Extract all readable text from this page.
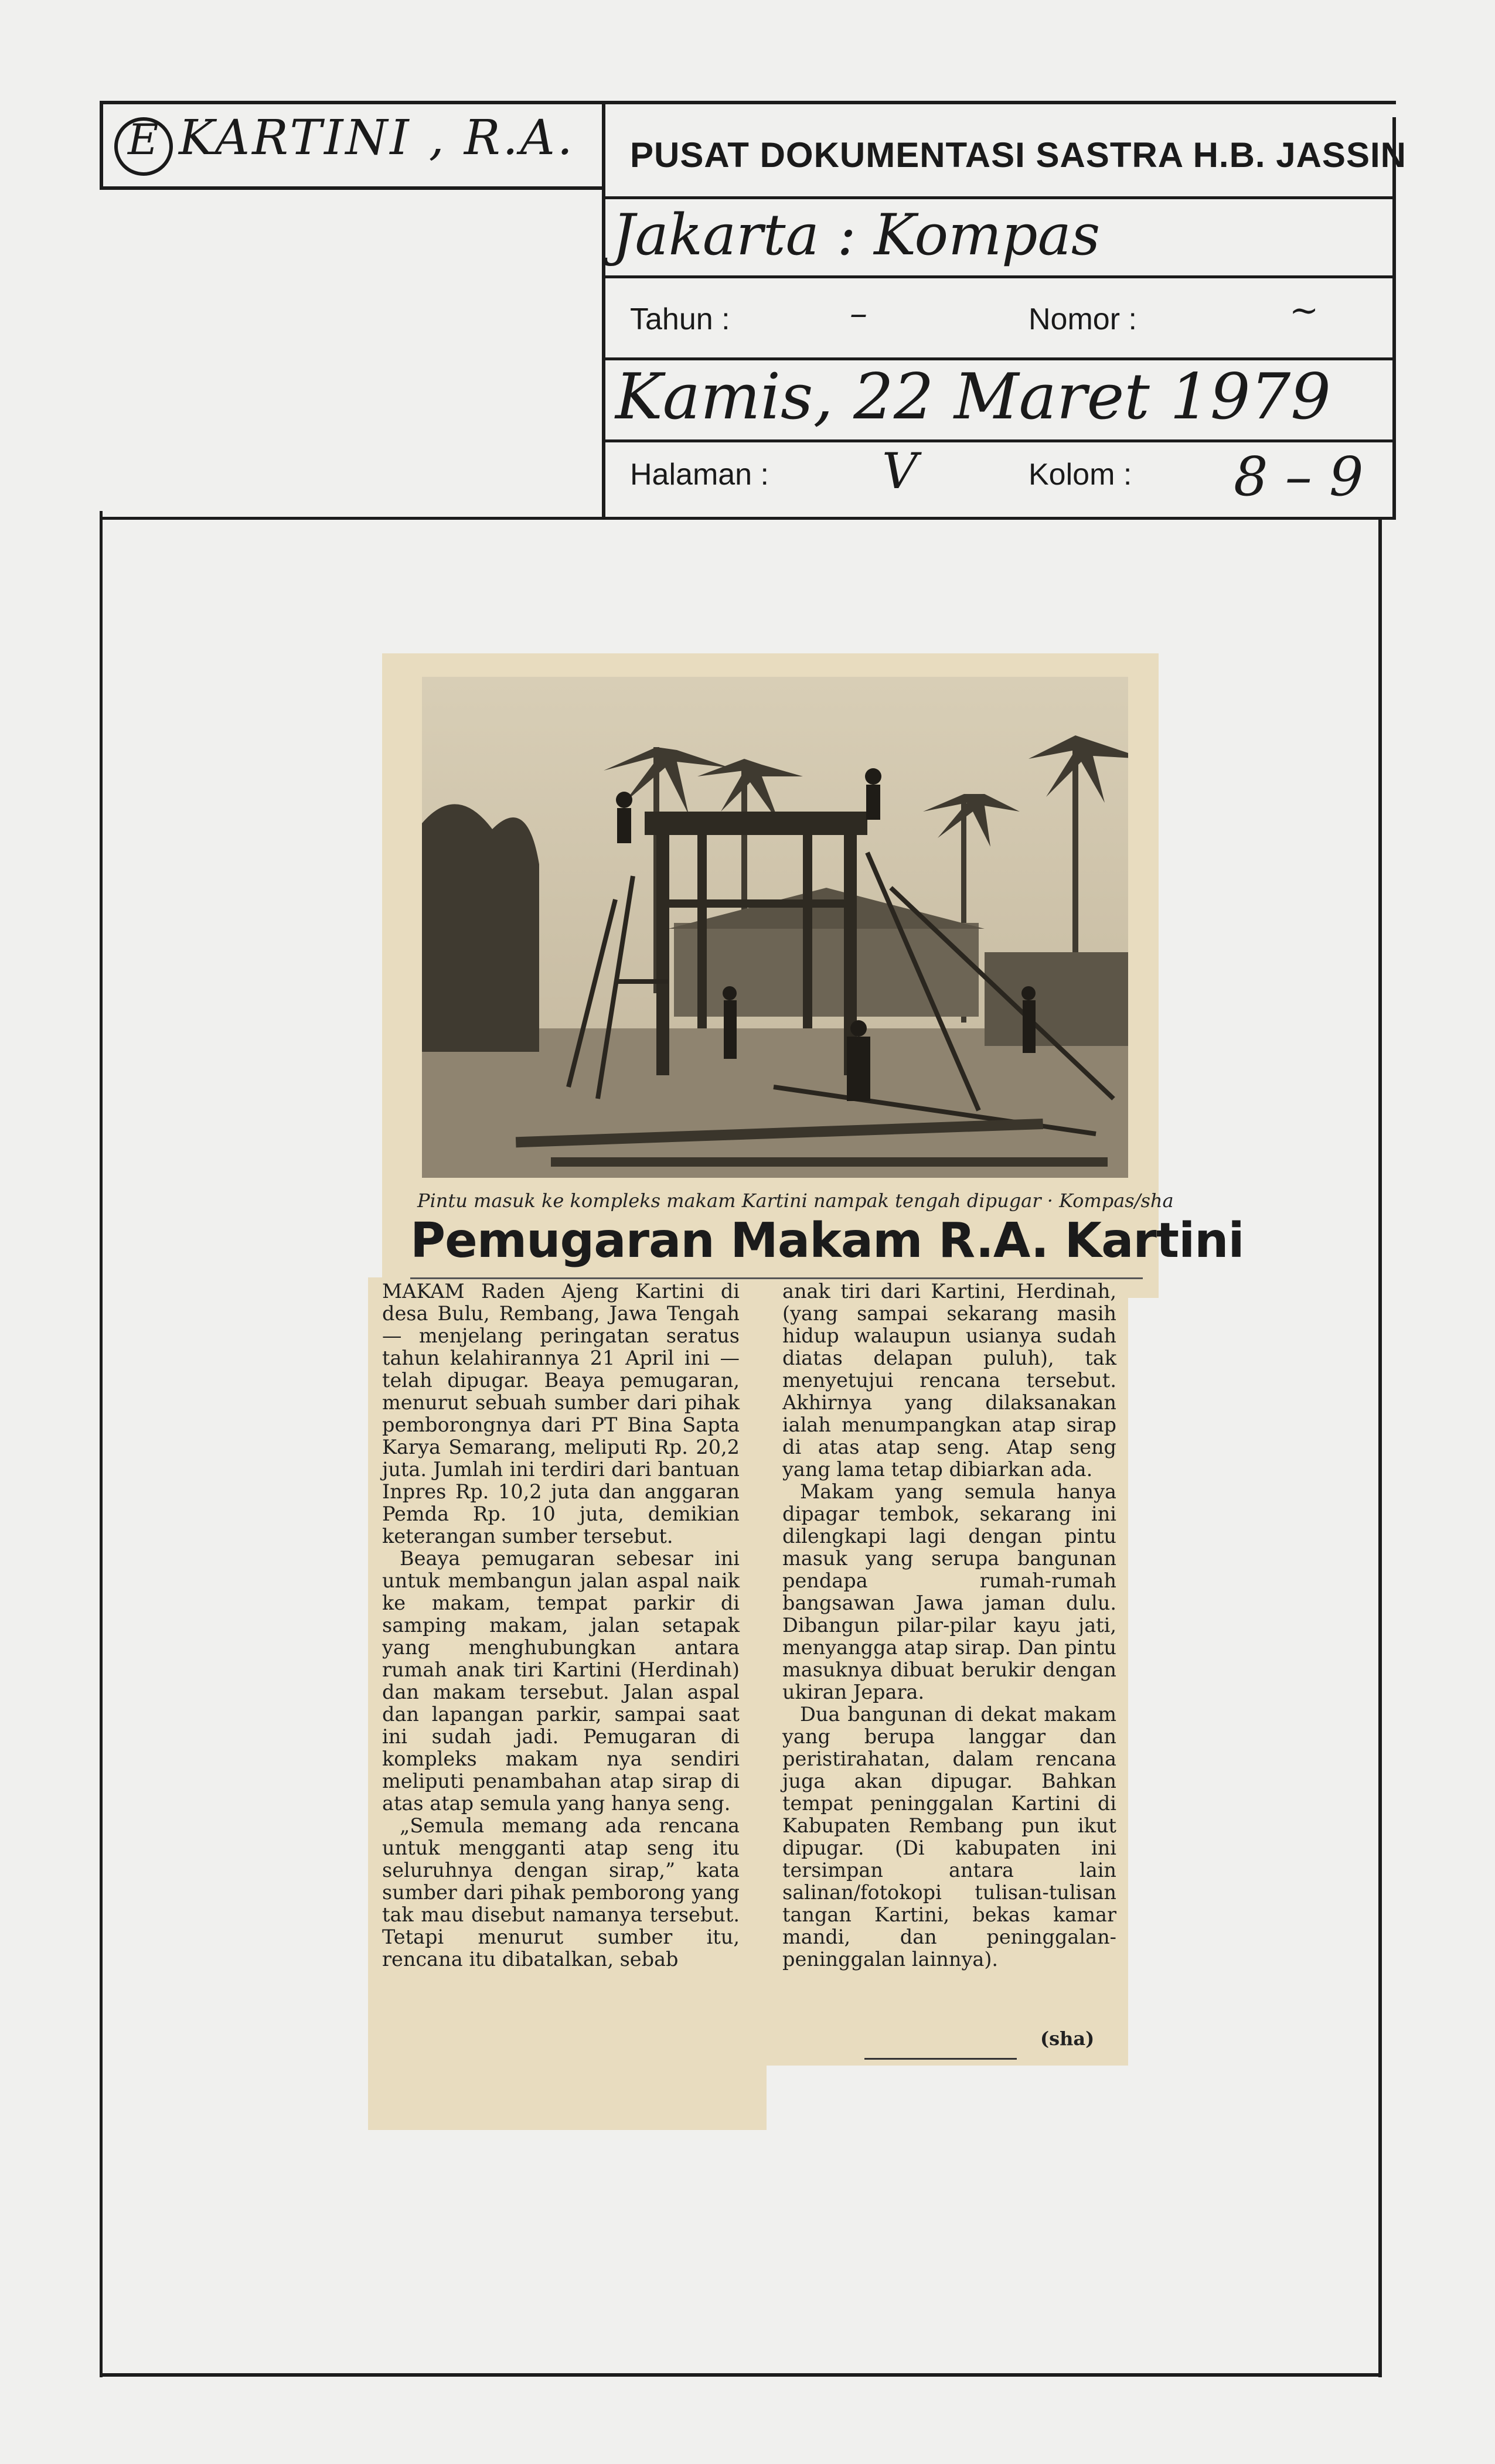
E KARTINI , R.A. PUSAT DOKUMENTASI SASTRA H.B. JASSIN
Jakarta : Kompas
Tahun :	–	Nomor :	~
Kamis, 22 Maret 1979
Halaman : V	Kolom : 8 – 9
Pintu masuk ke kompleks makam Kartini nampak tengah dipugar · Kompas/sha
Pemugaran Makam R.A. Kartini

MAKAM Raden Ajeng Kartini di desa Bulu, Rembang, Jawa Tengah — menjelang peringatan seratus tahun kelahirannya 21 April ini — telah dipugar. Beaya pemugaran, menurut sebuah sumber dari pihak pemborongnya dari PT Bina Sapta Karya Semarang, meliputi Rp. 20,2 juta. Jumlah ini terdiri dari bantuan Inpres Rp. 10,2 juta dan anggaran Pemda Rp. 10 juta, demikian keterangan sumber tersebut.

Beaya pemugaran sebesar ini untuk membangun jalan aspal naik ke makam, tempat parkir di samping makam, jalan setapak yang menghubungkan antara rumah anak tiri Kartini (Herdinah) dan makam tersebut. Jalan aspal dan lapangan parkir, sampai saat ini sudah jadi. Pemugaran di kompleks makam nya sendiri meliputi penambahan atap sirap di atas atap semula yang hanya seng.

„Semula memang ada rencana untuk mengganti atap seng itu seluruhnya dengan sirap,” kata sumber dari pihak pemborong yang tak mau disebut namanya tersebut. Tetapi menurut sumber itu, rencana itu dibatalkan, sebab

anak tiri dari Kartini, Herdinah, (yang sampai sekarang masih hidup walaupun usianya sudah diatas delapan puluh), tak menyetujui rencana tersebut. Akhirnya yang dilaksanakan ialah menumpangkan atap sirap di atas atap seng. Atap seng yang lama tetap dibiarkan ada.

Makam yang semula hanya dipagar tembok, sekarang ini dilengkapi lagi dengan pintu masuk yang serupa bangunan pendapa rumah-rumah bangsawan Jawa jaman dulu. Dibangun pilar-pilar kayu jati, menyangga atap sirap. Dan pintu masuknya dibuat berukir dengan ukiran Jepara.

Dua bangunan di dekat makam yang berupa langgar dan peristirahatan, dalam rencana juga akan dipugar. Bahkan tempat peninggalan Kartini di Kabupaten Rembang pun ikut dipugar. (Di kabupaten ini tersimpan antara lain salinan/fotokopi tulisan-tulisan tangan Kartini, bekas kamar mandi, dan peninggalan-peninggalan lainnya).

(sha)
